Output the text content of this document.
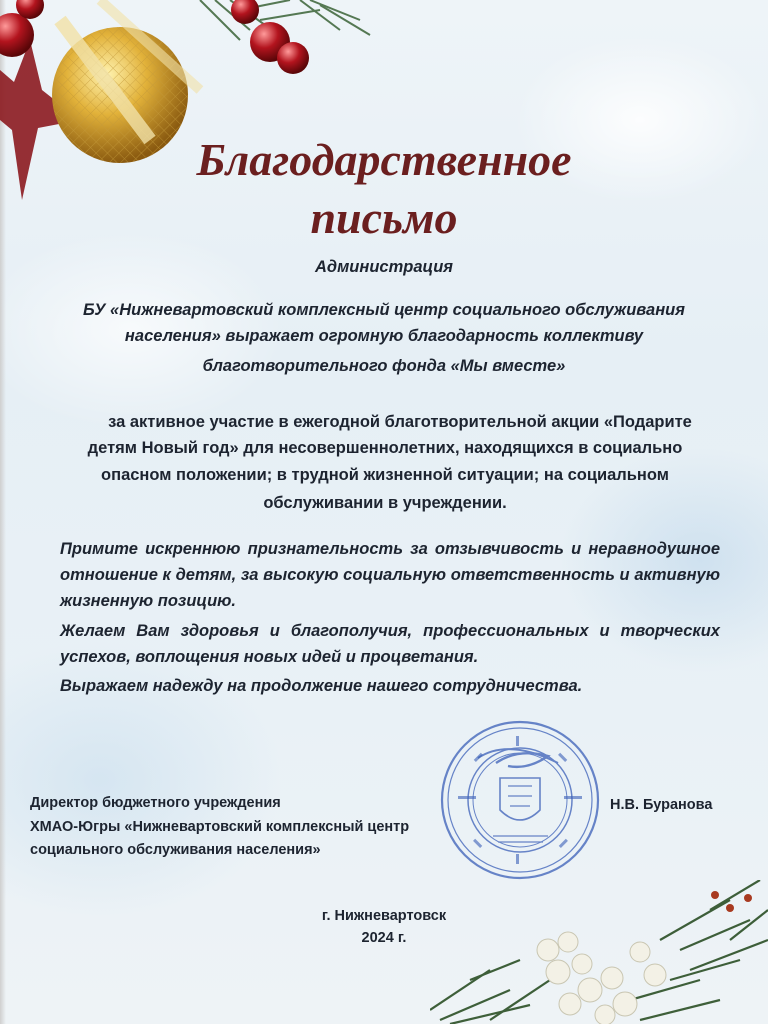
Благодарственное
письмо

Администрация

БУ «Нижневартовский комплексный центр социального обслуживания

населения» выражает огромную благодарность коллективу

благотворительного фонда «Мы вместе»

за активное участие в ежегодной благотворительной акции «Подарите

детям Новый год» для несовершеннолетних, находящихся в социально

опасном положении; в трудной жизненной ситуации; на социальном

обслуживании в учреждении.

Примите искреннюю признательность за отзывчивость и неравнодушное отношение к детям, за высокую социальную ответственность и активную жизненную позицию.

Желаем Вам здоровья и благополучия, профессиональных и творческих успехов, воплощения новых идей и процветания.

Выражаем надежду на продолжение нашего сотрудничества.

Директор бюджетного учреждения

ХМАО-Югры «Нижневартовский комплексный центр

социального обслуживания населения»

Н.В. Буранова

г. Нижневартовск

2024 г.
